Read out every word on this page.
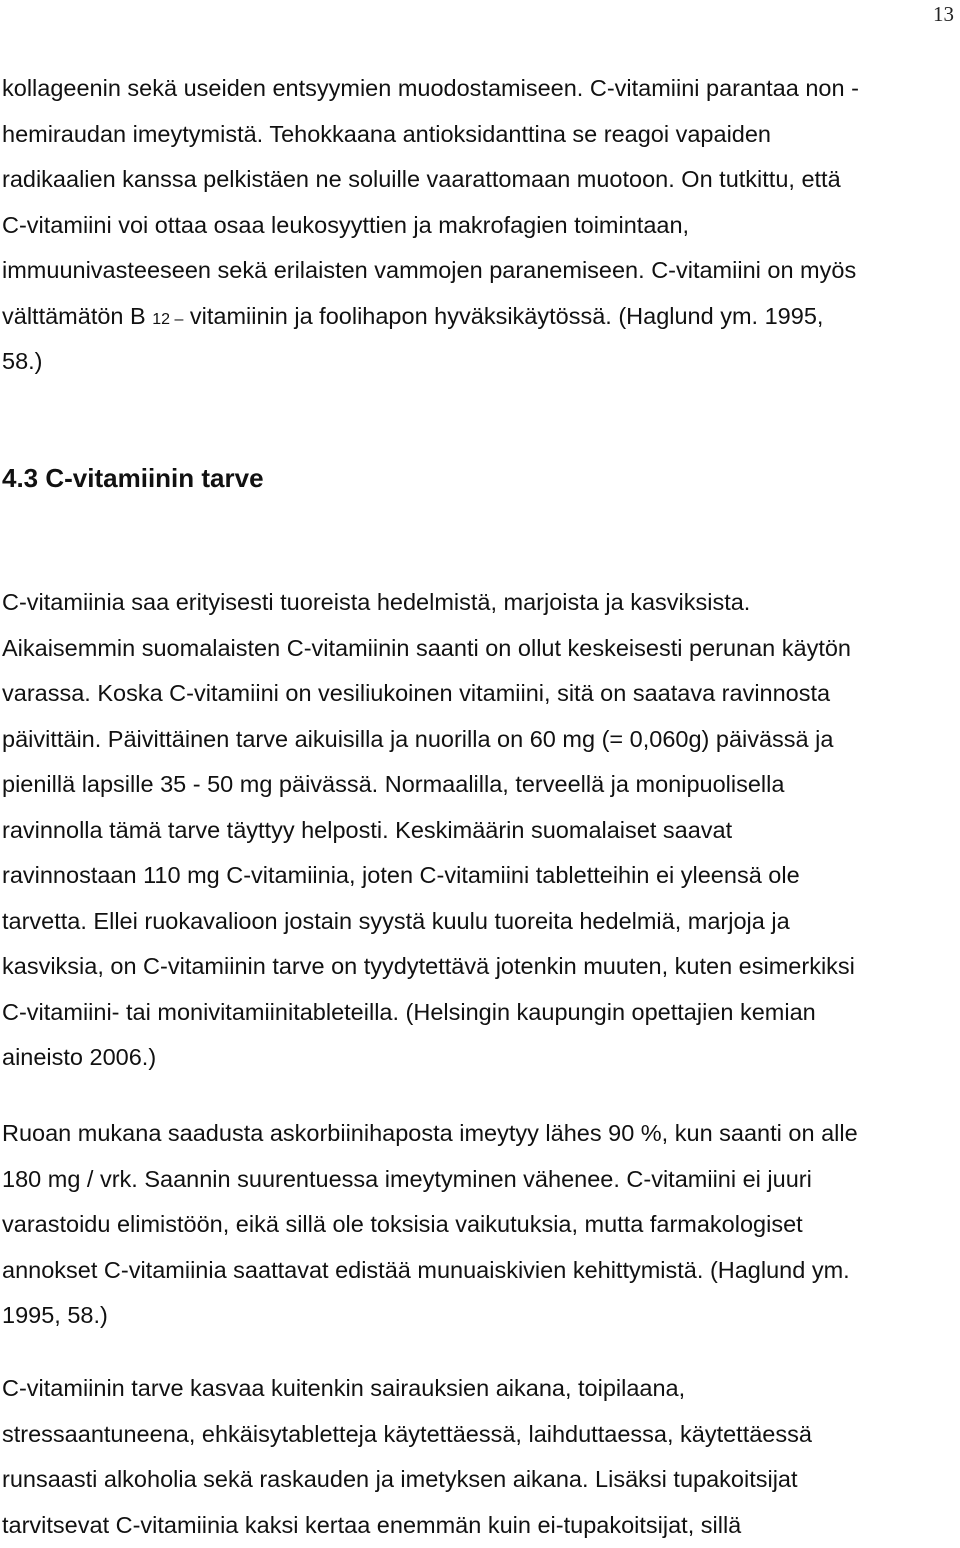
13

kollageenin sekä useiden entsyymien muodostamiseen. C-vitamiini parantaa non -
hemiraudan imeytymistä. Tehokkaana antioksidanttina se reagoi vapaiden
radikaalien kanssa pelkistäen ne soluille vaarattomaan muotoon. On tutkittu, että
C-vitamiini voi ottaa osaa leukosyyttien ja makrofagien toimintaan,
immuunivasteeseen sekä erilaisten vammojen paranemiseen. C-vitamiini on myös
välttämätön B 12 – vitamiinin ja foolihapon hyväksikäytössä. (Haglund ym. 1995,
58.)

4.3 C-vitamiinin tarve

C-vitamiinia saa erityisesti tuoreista hedelmistä, marjoista ja kasviksista.
Aikaisemmin suomalaisten C-vitamiinin saanti on ollut keskeisesti perunan käytön
varassa. Koska C-vitamiini on vesiliukoinen vitamiini, sitä on saatava ravinnosta
päivittäin. Päivittäinen tarve aikuisilla ja nuorilla on 60 mg (= 0,060g) päivässä ja
pienillä lapsille 35 - 50 mg päivässä. Normaalilla, terveellä ja monipuolisella
ravinnolla tämä tarve täyttyy helposti. Keskimäärin suomalaiset saavat
ravinnostaan 110 mg C-vitamiinia, joten C-vitamiini tabletteihin ei yleensä ole
tarvetta. Ellei ruokavalioon jostain syystä kuulu tuoreita hedelmiä, marjoja ja
kasviksia, on C-vitamiinin tarve on tyydytettävä jotenkin muuten, kuten esimerkiksi
C-vitamiini- tai monivitamiinitableteilla. (Helsingin kaupungin opettajien kemian
aineisto 2006.)

Ruoan mukana saadusta askorbiinihaposta imeytyy lähes 90 %, kun saanti on alle
180 mg / vrk. Saannin suurentuessa imeytyminen vähenee. C-vitamiini ei juuri
varastoidu elimistöön, eikä sillä ole toksisia vaikutuksia, mutta farmakologiset
annokset C-vitamiinia saattavat edistää munuaiskivien kehittymistä. (Haglund ym.
1995, 58.)

C-vitamiinin tarve kasvaa kuitenkin sairauksien aikana, toipilaana,
stressaantuneena, ehkäisytabletteja käytettäessä, laihduttaessa, käytettäessä
runsaasti alkoholia sekä raskauden ja imetyksen aikana. Lisäksi tupakoitsijat
tarvitsevat C-vitamiinia kaksi kertaa enemmän kuin ei-tupakoitsijat, sillä
